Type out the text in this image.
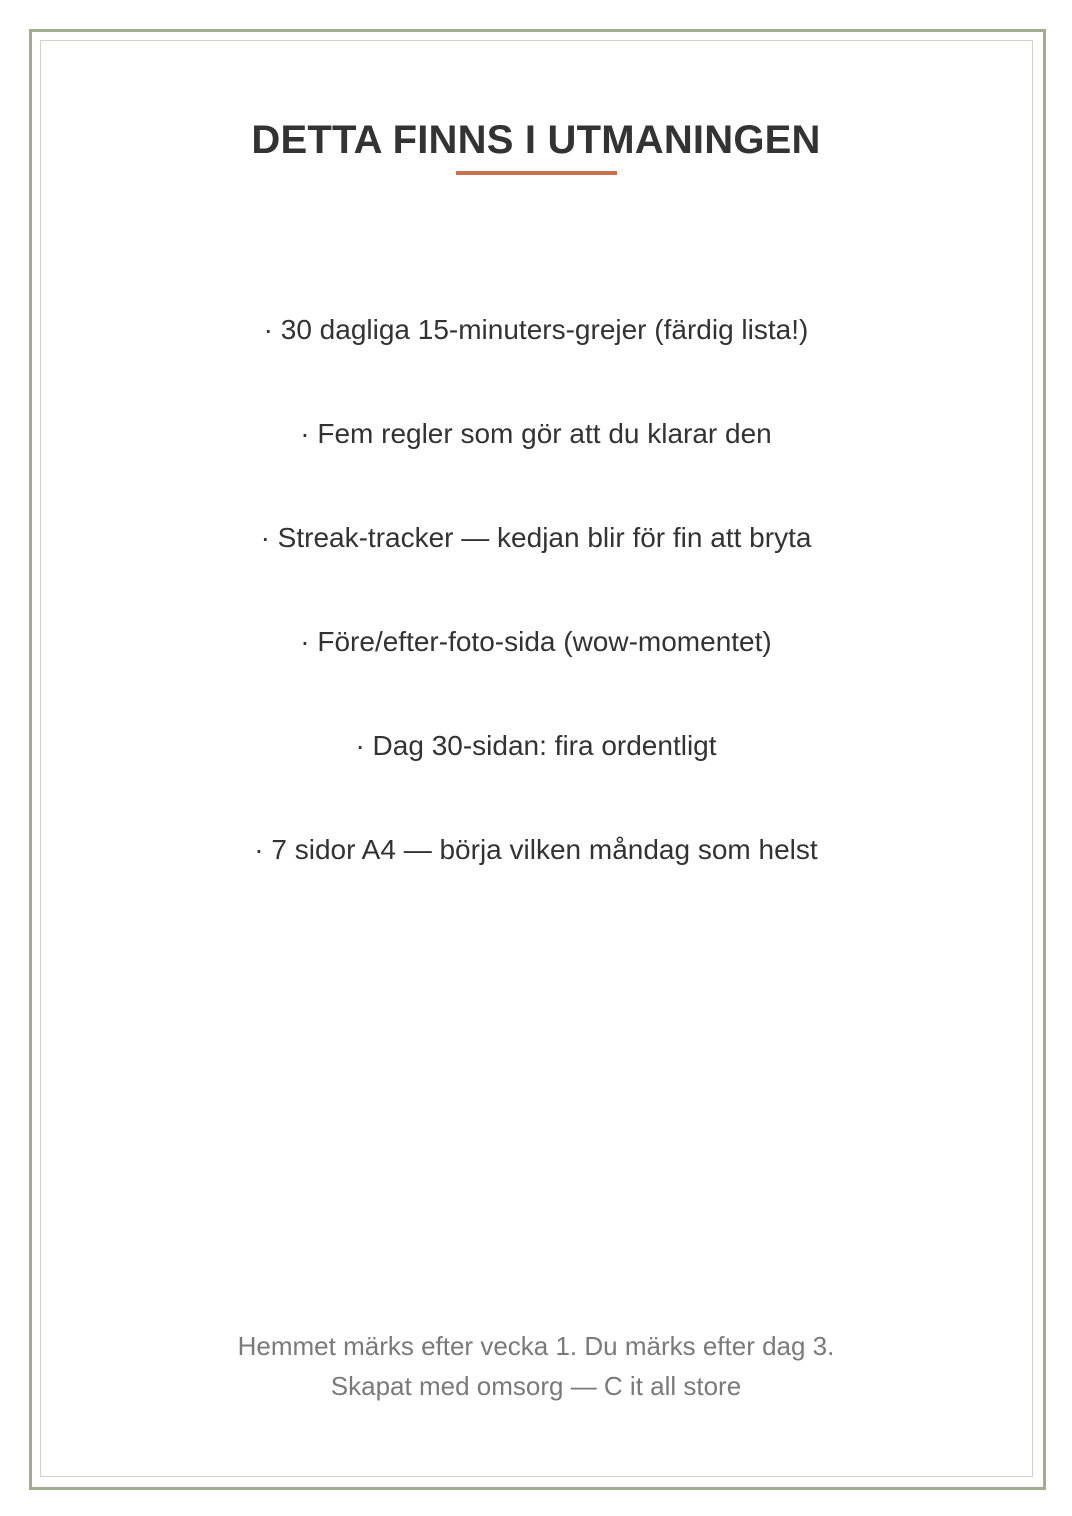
DETTA FINNS I UTMANINGEN
· 30 dagliga 15-minuters-grejer (färdig lista!)
· Fem regler som gör att du klarar den
· Streak-tracker — kedjan blir för fin att bryta
· Före/efter-foto-sida (wow-momentet)
· Dag 30-sidan: fira ordentligt
· 7 sidor A4 — börja vilken måndag som helst
Hemmet märks efter vecka 1. Du märks efter dag 3.
Skapat med omsorg — C it all store
